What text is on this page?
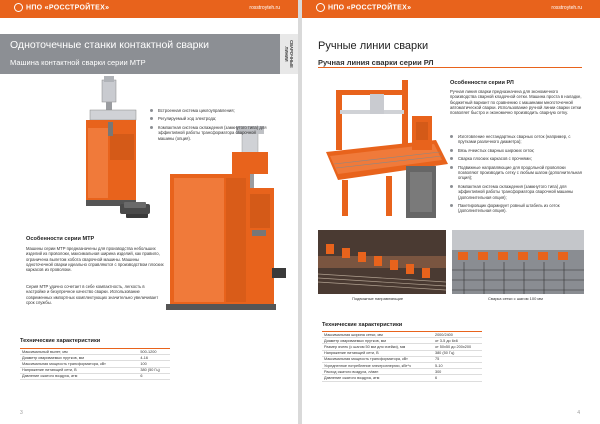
НПО «РОССТРОЙТЕХ»	rosstroyteh.ru
Одноточечные станки контактной сварки
Машина контактной сварки серии МТР	СВАРОЧНЫЕ
ЛИНИИ
Встроенная система циклоуправления;
Регулируемый ход электрода;
Компактная система охлаждения (замкнутого типа) для эффективной работы трансформатора сварочной машины (опция).
Особенности серии МТР

Машины серии МТР предназначены для производства небольших изделий из проволоки, максимальная ширина изделий, как правило, ограничена вылетом хобота сварочной машины. Машины одноточечной сварки идеально справляются с производством плоских каркасов из проволоки.

Серия МТР удачно сочетает в себе компактность, легкость в настройке и безупречное качество сварки. Использование современных импортных комплектующих значительно увеличивает срок службы.

Технические характеристики

Максимальный вылет, мм	500-1200
Диаметр свариваемых прутков, мм	4-16
Максимальная мощность трансформатора, кВт	100
Напряжение питающей сети, В	380 (50 Гц)
Давление сжатого воздуха, атм	6
3
НПО «РОССТРОЙТЕХ»	rosstroyteh.ru
Ручные линии сварки
Ручная линия сварки серии РЛ
Особенности серии РЛ

Ручная линия сварки предназначена для экономичного производства сварной кладочной сетки. Машина проста в наладке, бюджетный вариант по сравнению с машинами многоточечной автоматической сварки. Использование ручной линии сварки сетки позволяет быстро и экономично производить сварную сетку.

Изготовление нестандартных сварных сеток (например, с прутками различного диаметра);
Вязь ячеистых сварных широких сеток;
Сварка плоских каркасов с прочнями;
Подвижные направляющие для продольной проволоки позволяют производить сетку с любым шагом (дополнительная опция);
Компактная система охлаждения (замкнутого типа) для эффективной работы трансформатора сварочной машины (дополнительная опция);
Пакетировщик формирует ровный штабель из сеток (дополнительная опция).
Подвижные направляющие	Сварка сетки с шагом 100 мм
Технические характеристики

Максимальная ширина сетки, мм	2000/2400
Диаметр свариваемых прутков, мм	от 3-5 до 6х6
Размер ячеек (с шагом 50 мм для ячейки), мм	от 50х50 до 200х200
Напряжение питающей сети, В	380 (50 Гц)
Максимальная мощность трансформатора, кВт	75
Усредненное потребление электроэнергии, кВт*ч	5-10
Расход сжатого воздуха, л/мин	300
Давление сжатого воздуха, атм	6
4
